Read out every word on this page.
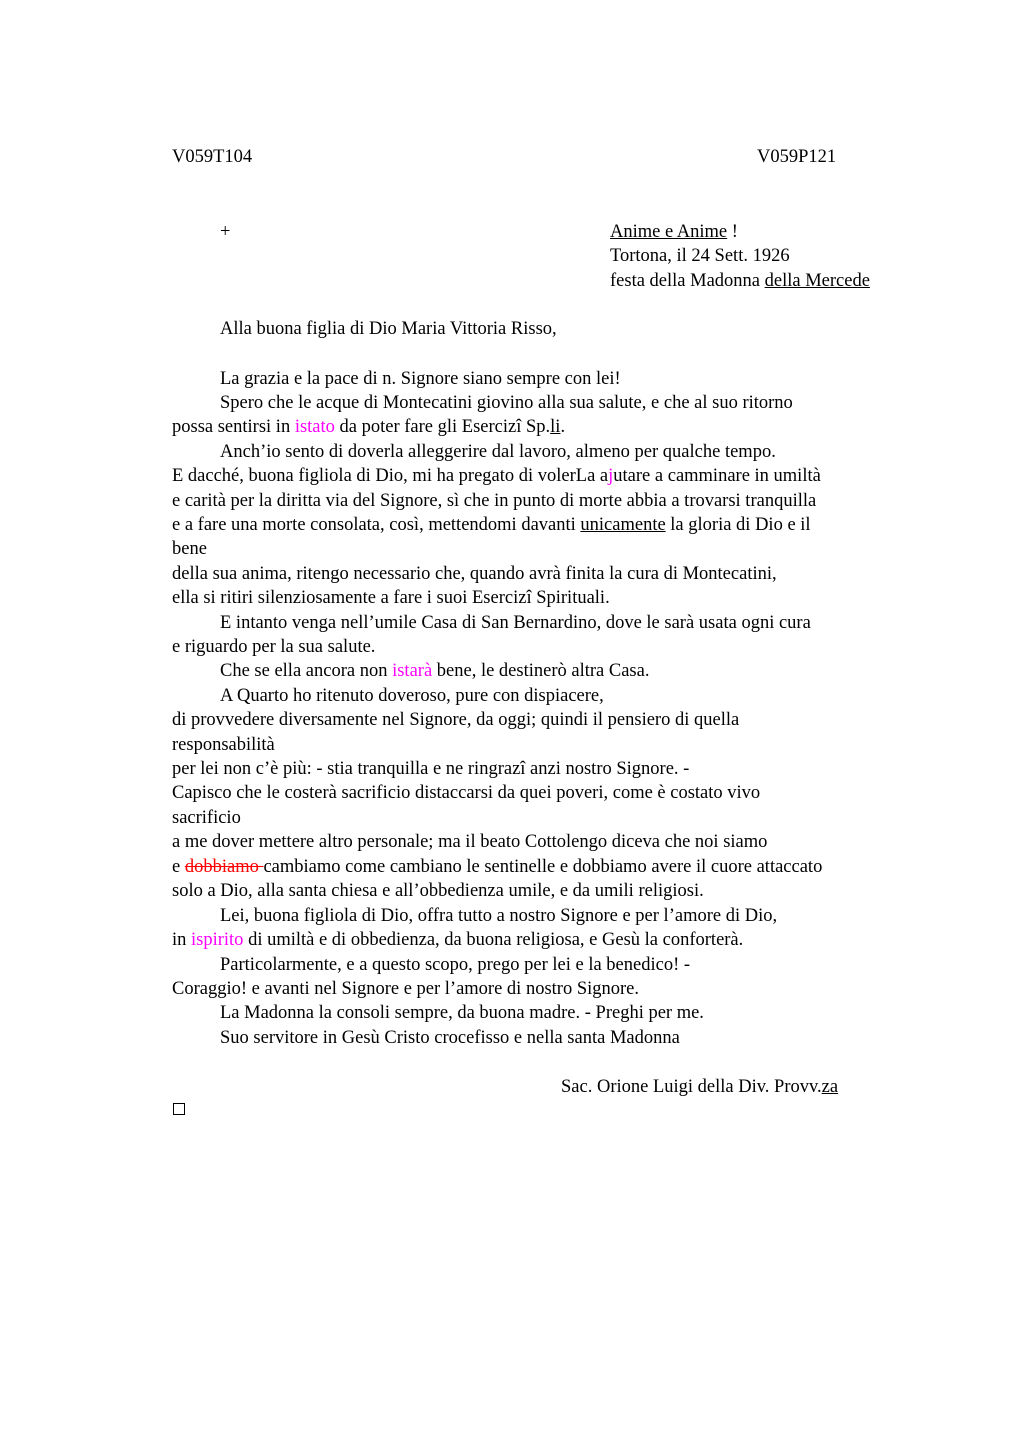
V059T104	V059P121
+	Anime e Anime !
Tortona, il 24 Sett. 1926
festa della Madonna della Mercede
Alla buona figlia di Dio Maria Vittoria Risso,
La grazia e la pace di n. Signore siano sempre con lei!
Spero che le acque di Montecatini giovino alla sua salute, e che al suo ritorno
possa sentirsi in istato da poter fare gli Esercizî Sp.li.
Anch’io sento di doverla alleggerire dal lavoro, almeno per qualche tempo.
E dacché, buona figliola di Dio, mi ha pregato di volerLa ajutare a camminare in umiltà
e carità per la diritta via del Signore, sì che in punto di morte abbia a trovarsi tranquilla
e a fare una morte consolata, così, mettendomi davanti unicamente la gloria di Dio e il
bene
della sua anima, ritengo necessario che, quando avrà finita la cura di Montecatini,
ella si ritiri silenziosamente a fare i suoi Esercizî Spirituali.
E intanto venga nell’umile Casa di San Bernardino, dove le sarà usata ogni cura
e riguardo per la sua salute.
Che se ella ancora non istarà bene, le destinerò altra Casa.
A Quarto ho ritenuto doveroso, pure con dispiacere,
di provvedere diversamente nel Signore, da oggi; quindi il pensiero di quella
responsabilità
per lei non c’è più: - stia tranquilla e ne ringrazî anzi nostro Signore. -
Capisco che le costerà sacrificio distaccarsi da quei poveri, come è costato vivo
sacrificio
a me dover mettere altro personale; ma il beato Cottolengo diceva che noi siamo
e dobbiamo cambiamo come cambiano le sentinelle e dobbiamo avere il cuore attaccato
solo a Dio, alla santa chiesa e all’obbedienza umile, e da umili religiosi.
Lei, buona figliola di Dio, offra tutto a nostro Signore e per l’amore di Dio,
in ispirito di umiltà e di obbedienza, da buona religiosa, e Gesù la conforterà.
Particolarmente, e a questo scopo, prego per lei e la benedico! -
Coraggio! e avanti nel Signore e per l’amore di nostro Signore.
La Madonna la consoli sempre, da buona madre. - Preghi per me.
Suo servitore in Gesù Cristo crocefisso e nella santa Madonna
Sac. Orione Luigi della Div. Provv.za
